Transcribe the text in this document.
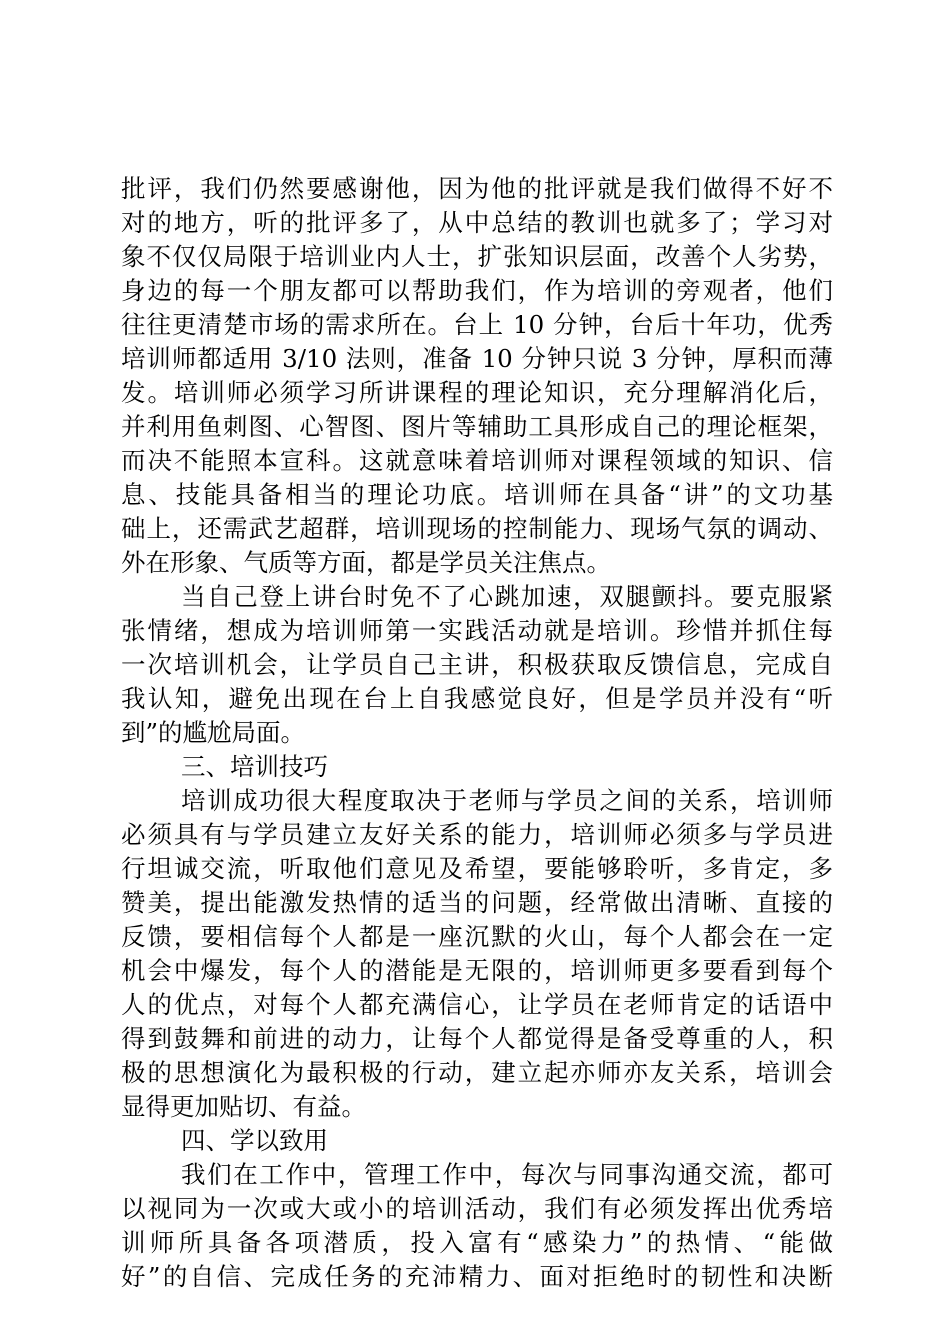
批评，我们仍然要感谢他，因为他的批评就是我们做得不好不
对的地方，听的批评多了，从中总结的教训也就多了；学习对
象不仅仅局限于培训业内人士，扩张知识层面，改善个人劣势，
身边的每一个朋友都可以帮助我们，作为培训的旁观者，他们
往往更清楚市场的需求所在。台上 10 分钟，台后十年功，优秀
培训师都适用 3/10 法则，准备 10 分钟只说 3 分钟，厚积而薄
发。培训师必须学习所讲课程的理论知识，充分理解消化后，
并利用鱼刺图、心智图、图片等辅助工具形成自己的理论框架，
而决不能照本宣科。这就意味着培训师对课程领域的知识、信
息、技能具备相当的理论功底。培训师在具备“讲”的文功基
础上，还需武艺超群，培训现场的控制能力、现场气氛的调动、
外在形象、气质等方面，都是学员关注焦点。
当自己登上讲台时免不了心跳加速，双腿颤抖。要克服紧
张情绪，想成为培训师第一实践活动就是培训。珍惜并抓住每
一次培训机会，让学员自己主讲，积极获取反馈信息，完成自
我认知，避免出现在台上自我感觉良好，但是学员并没有“听
到”的尴尬局面。
三、培训技巧
培训成功很大程度取决于老师与学员之间的关系，培训师
必须具有与学员建立友好关系的能力，培训师必须多与学员进
行坦诚交流，听取他们意见及希望，要能够聆听，多肯定，多
赞美，提出能激发热情的适当的问题，经常做出清晰、直接的
反馈，要相信每个人都是一座沉默的火山，每个人都会在一定
机会中爆发，每个人的潜能是无限的，培训师更多要看到每个
人的优点，对每个人都充满信心，让学员在老师肯定的话语中
得到鼓舞和前进的动力，让每个人都觉得是备受尊重的人，积
极的思想演化为最积极的行动，建立起亦师亦友关系，培训会
显得更加贴切、有益。
四、学以致用
我们在工作中，管理工作中，每次与同事沟通交流，都可
以视同为一次或大或小的培训活动，我们有必须发挥出优秀培
训师所具备各项潜质，投入富有“感染力”的热情、“能做
好”的自信、完成任务的充沛精力、面对拒绝时的韧性和决断
